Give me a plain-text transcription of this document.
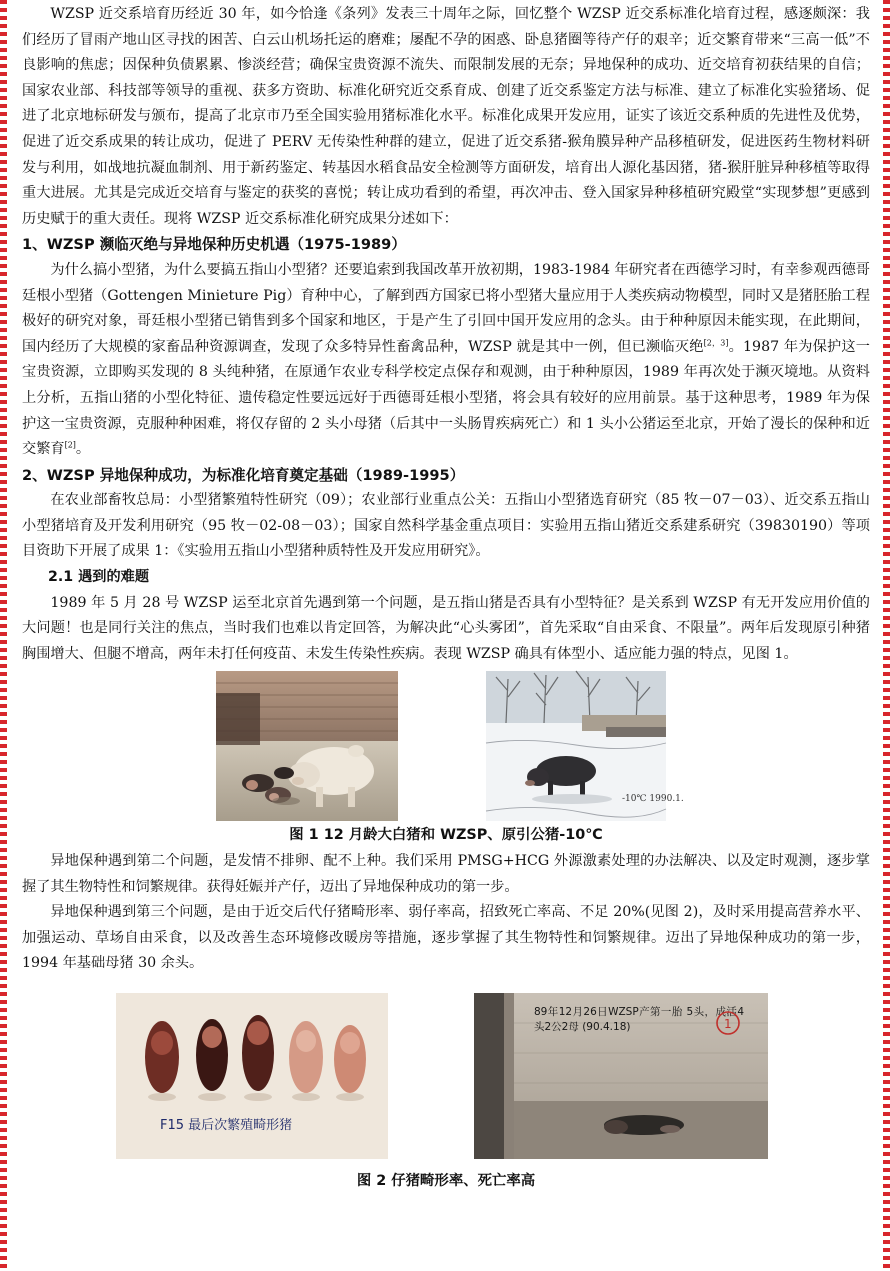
WZSP 近交系培育历经近 30 年，如今恰逢《条列》发表三十周年之际，回忆整个 WZSP 近交系标准化培育过程，感逐颇深：我们经历了冒雨产地山区寻找的困苦、白云山机场托运的磨难；屡配不孕的困惑、卧息猪圈等待产仔的艰辛；近交繁育带来“三高一低”不良影响的焦虑；因保种负债累累、惨淡经营；确保宝贵资源不流失、而限制发展的无奈；异地保种的成功、近交培育初获结果的自信；国家农业部、科技部等领导的重视、获多方资助、标准化研究近交系育成、创建了近交系鉴定方法与标准、建立了标准化实验猪场、促进了北京地标研发与颁布，提高了北京市乃至全国实验用猪标准化水平。标准化成果开发应用，证实了该近交系种质的先进性及优势，促进了近交系成果的转让成功，促进了 PERV 无传染性种群的建立，促进了近交系猪-猴角膜异种产品移植研发，促进医药生物材料研发与利用，如战地抗凝血制剂、用于新药鉴定、转基因水稻食品安全检测等方面研发，培育出人源化基因猪，猪-猴肝脏异种移植等取得重大进展。尤其是完成近交培育与鉴定的获奖的喜悦；转让成功看到的希望，再次冲击、登入国家异种移植研究殿堂“实现梦想”更感到历史赋于的重大责任。现将 WZSP 近交系标准化研究成果分述如下：

1、WZSP 濒临灭绝与异地保种历史机遇（1975-1989）

为什么搞小型猪，为什么要搞五指山小型猪？还要追索到我国改革开放初期，1983-1984 年研究者在西德学习时，有幸参观西德哥廷根小型猪（Gottengen Minieture Pig）育种中心，了解到西方国家已将小型猪大量应用于人类疾病动物模型，同时又是猪胚胎工程极好的研究对象，哥廷根小型猪已销售到多个国家和地区，于是产生了引回中国开发应用的念头。由于种种原因未能实现，在此期间，国内经历了大规模的家畜品种资源调查，发现了众多特异性畜禽品种，WZSP 就是其中一例，但已濒临灭绝[2，3]。1987 年为保护这一宝贵资源，立即购买发现的 8 头纯种猪，在原通乍农业专科学校定点保存和观测，由于种种原因，1989 年再次处于濒灭境地。从资料上分析，五指山猪的小型化特征、遗传稳定性要远远好于西德哥廷根小型猪，将会具有较好的应用前景。基于这种思考，1989 年为保护这一宝贵资源，克服种种困难，将仅存留的 2 头小母猪（后其中一头肠胃疾病死亡）和 1 头小公猪运至北京，开始了漫长的保种和近交繁育[2]。

2、WZSP 异地保种成功，为标准化培育奠定基础（1989-1995）

在农业部畜牧总局：小型猪繁殖特性研究（09）；农业部行业重点公关：五指山小型猪选育研究（85 牧－07－03）、近交系五指山小型猪培育及开发利用研究（95 牧－02-08－03）；国家自然科学基金重点项目：实验用五指山猪近交系建系研究（39830190）等项目资助下开展了成果 1：《实验用五指山小型猪种质特性及开发应用研究》。

2.1 遇到的难题

1989 年 5 月 28 号 WZSP 运至北京首先遇到第一个问题，是五指山猪是否具有小型特征？是关系到 WZSP 有无开发应用价值的大问题！也是同行关注的焦点，当时我们也难以肯定回答，为解决此“心头雾团”，首先采取“自由采食、不限量”。两年后发现原引种猪胸围增大、但腿不增高，两年未打任何疫苗、未发生传染性疾病。表现 WZSP 确具有体型小、适应能力强的特点，见图 1。

-10℃ 1990.1.

图 1 12 月龄大白猪和 WZSP、原引公猪-10℃

异地保种遇到第二个问题，是发情不排卵、配不上种。我们采用 PMSG+HCG 外源激素处理的办法解决、以及定时观测，逐步掌握了其生物特性和饲繁规律。获得妊娠并产仔，迈出了异地保种成功的第一步。

异地保种遇到第三个问题，是由于近交后代仔猪畸形率、弱仔率高，招致死亡率高、不足 20%(见图 2)，及时采用提高营养水平、加强运动、草场自由采食，以及改善生态环境修改暖房等措施，逐步掌握了其生物特性和饲繁规律。迈出了异地保种成功的第一步，1994 年基础母猪 30 余头。

F15 最后次繁殖畸形猪
89年12月26日WZSP产第一胎 5头，成活4头2公2母 (90.4.18)	1

图 2 仔猪畸形率、死亡率高
